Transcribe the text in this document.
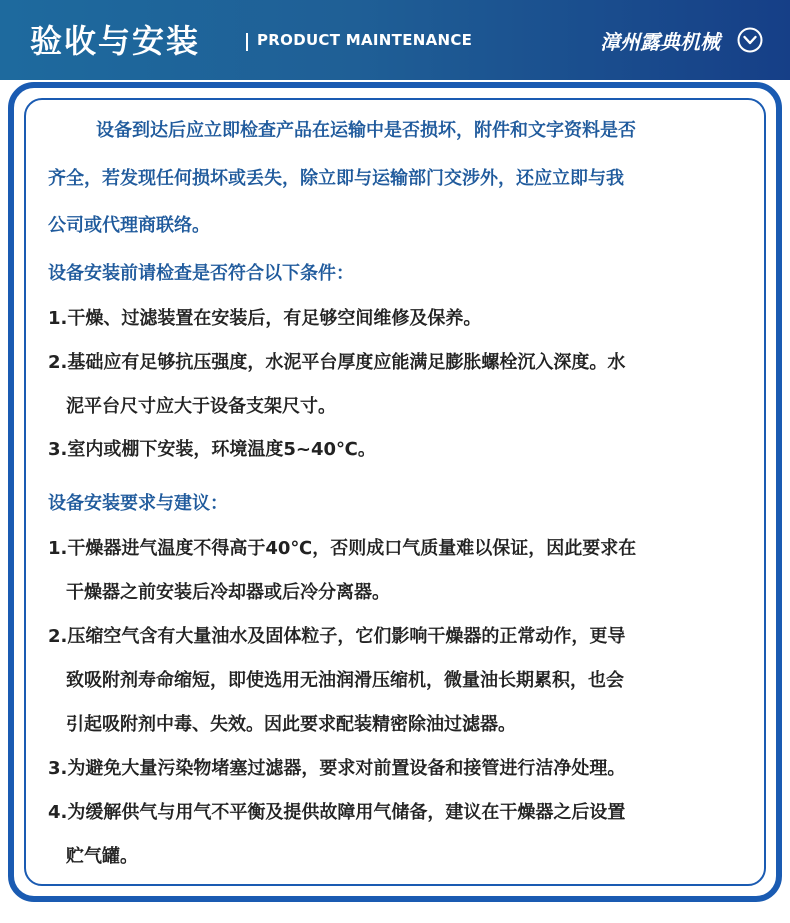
验收与安装	PRODUCT MAINTENANCE	漳州露典机械
设备到达后应立即检查产品在运输中是否损坏，附件和文字资料是否
齐全，若发现任何损坏或丢失，除立即与运输部门交涉外，还应立即与我
公司或代理商联络。
设备安装前请检查是否符合以下条件：
1.干燥、过滤装置在安装后，有足够空间维修及保养。
2.基础应有足够抗压强度，水泥平台厚度应能满足膨胀螺栓沉入深度。水
泥平台尺寸应大于设备支架尺寸。
3.室内或棚下安装，环境温度5~40℃。
设备安装要求与建议：
1.干燥器进气温度不得高于40℃，否则成口气质量难以保证，因此要求在
干燥器之前安装后冷却器或后冷分离器。
2.压缩空气含有大量油水及固体粒子，它们影响干燥器的正常动作，更导
致吸附剂寿命缩短，即使选用无油润滑压缩机，微量油长期累积，也会
引起吸附剂中毒、失效。因此要求配装精密除油过滤器。
3.为避免大量污染物堵塞过滤器，要求对前置设备和接管进行洁净处理。
4.为缓解供气与用气不平衡及提供故障用气储备，建议在干燥器之后设置
贮气罐。
